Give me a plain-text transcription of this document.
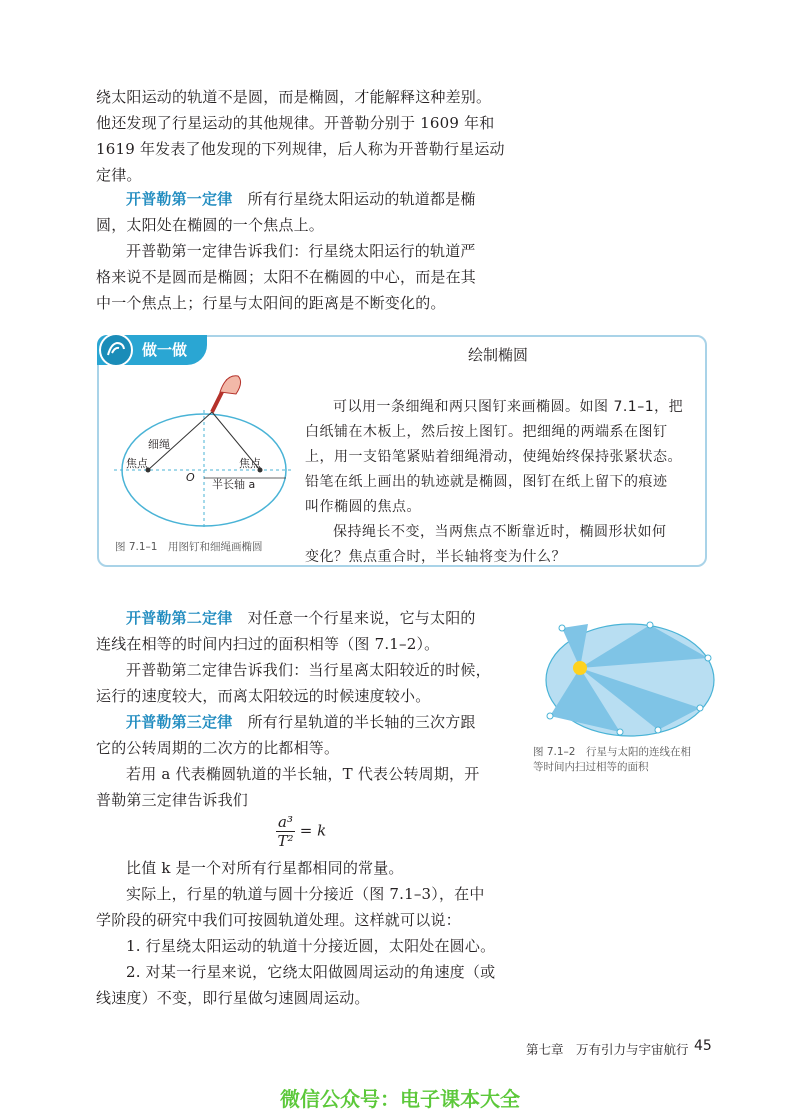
绕太阳运动的轨道不是圆，而是椭圆，才能解释这种差别。

他还发现了行星运动的其他规律。开普勒分别于 1609 年和

1619 年发表了他发现的下列规律，后人称为开普勒行星运动

定律。

开普勒第一定律　 所有行星绕太阳运动的轨道都是椭

圆，太阳处在椭圆的一个焦点上。

开普勒第一定律告诉我们：行星绕太阳运行的轨道严

格来说不是圆而是椭圆；太阳不在椭圆的中心，而是在其

中一个焦点上；行星与太阳间的距离是不断变化的。

做一做	绘制椭圆
细绳
焦点	焦点
O
半长轴 a
图 7.1–1　用图钉和细绳画椭圆

可以用一条细绳和两只图钉来画椭圆。如图 7.1–1，把

白纸铺在木板上，然后按上图钉。把细绳的两端系在图钉

上，用一支铅笔紧贴着细绳滑动，使绳始终保持张紧状态。

铅笔在纸上画出的轨迹就是椭圆，图钉在纸上留下的痕迹

叫作椭圆的焦点。

保持绳长不变，当两焦点不断靠近时，椭圆形状如何

变化？焦点重合时，半长轴将变为什么？

开普勒第二定律　 对任意一个行星来说，它与太阳的

连线在相等的时间内扫过的面积相等（图 7.1–2）。

开普勒第二定律告诉我们：当行星离太阳较近的时候，

运行的速度较大，而离太阳较远的时候速度较小。

图 7.1–2　行星与太阳的连线在相
等时间内扫过相等的面积

开普勒第三定律　 所有行星轨道的半长轴的三次方跟

它的公转周期的二次方的比都相等。

若用 a 代表椭圆轨道的半长轴，T 代表公转周期，开

普勒第三定律告诉我们

$\frac{\text{a³}}{\text{T²}} = k$

比值 k 是一个对所有行星都相同的常量。

实际上，行星的轨道与圆十分接近（图 7.1–3），在中

学阶段的研究中我们可按圆轨道处理。这样就可以说：

1. 行星绕太阳运动的轨道十分接近圆，太阳处在圆心。

2. 对某一行星来说，它绕太阳做圆周运动的角速度（或

线速度）不变，即行星做匀速圆周运动。

第七章　万有引力与宇宙航行 45
微信公众号：电子课本大全
